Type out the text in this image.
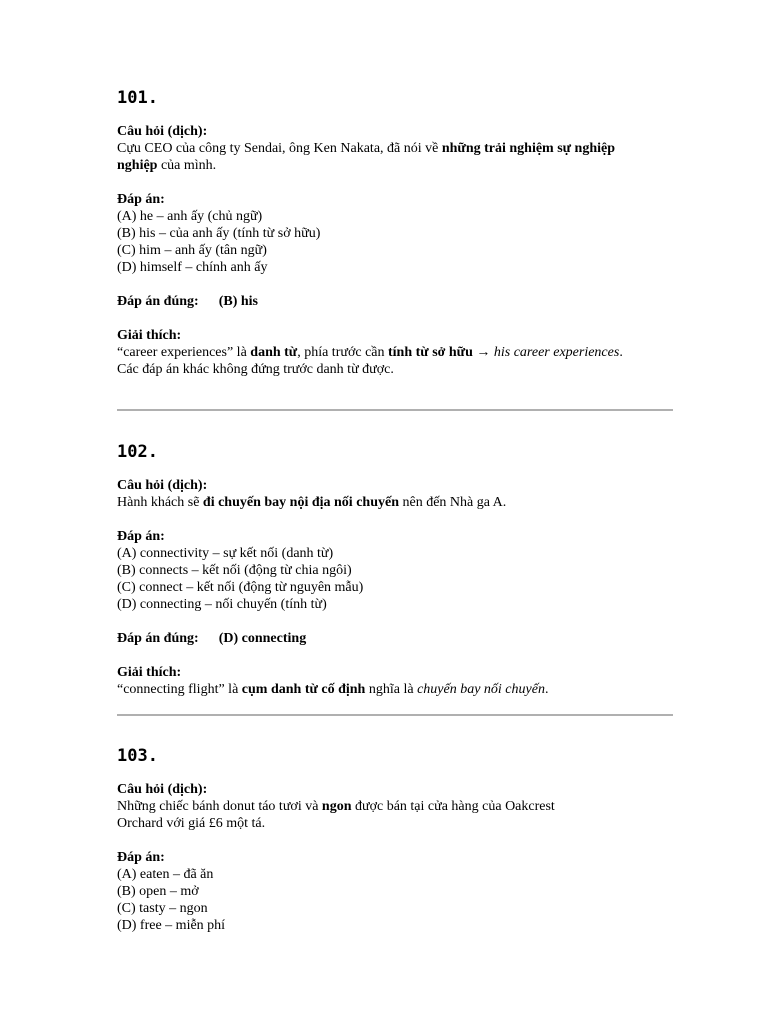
101.
Câu hỏi (dịch):
Cựu CEO của công ty Sendai, ông Ken Nakata, đã nói về những trải nghiệm sự nghiệp
nghiệp của mình.
Đáp án:
(A) he – anh ấy (chủ ngữ)
(B) his – của anh ấy (tính từ sở hữu)
(C) him – anh ấy (tân ngữ)
(D) himself – chính anh ấy
Đáp án đúng: (B) his
Giải thích:
“career experiences” là danh từ, phía trước cần tính từ sở hữu → his career experiences.
Các đáp án khác không đứng trước danh từ được.
102.
Câu hỏi (dịch):
Hành khách sẽ đi chuyến bay nội địa nối chuyến nên đến Nhà ga A.
Đáp án:
(A) connectivity – sự kết nối (danh từ)
(B) connects – kết nối (động từ chia ngôi)
(C) connect – kết nối (động từ nguyên mẫu)
(D) connecting – nối chuyến (tính từ)
Đáp án đúng: (D) connecting
Giải thích:
“connecting flight” là cụm danh từ cố định nghĩa là chuyến bay nối chuyến.
103.
Câu hỏi (dịch):
Những chiếc bánh donut táo tươi và ngon được bán tại cửa hàng của Oakcrest
Orchard với giá £6 một tá.
Đáp án:
(A) eaten – đã ăn
(B) open – mở
(C) tasty – ngon
(D) free – miễn phí
